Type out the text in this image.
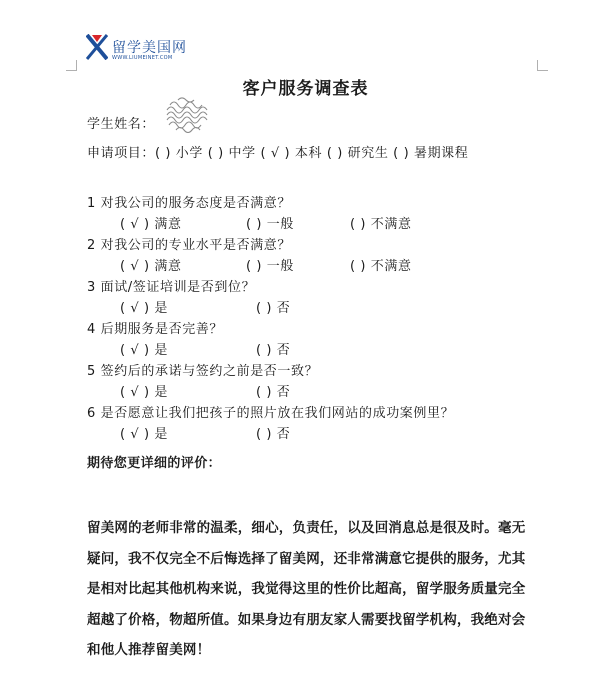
留学美国网
WWW.LIUMEINET.COM
客户服务调查表
学生姓名：
申请项目：( ) 小学 ( ) 中学 ( √ ) 本科 ( ) 研究生 ( ) 暑期课程
1 对我公司的服务态度是否满意？
( √ ) 满意	( ) 一般	( ) 不满意
2 对我公司的专业水平是否满意？
( √ ) 满意	( ) 一般	( ) 不满意
3 面试/签证培训是否到位？
( √ ) 是	( ) 否
4 后期服务是否完善？
( √ ) 是	( ) 否
5 签约后的承诺与签约之前是否一致？
( √ ) 是	( ) 否
6 是否愿意让我们把孩子的照片放在我们网站的成功案例里？
( √ ) 是	( ) 否
期待您更详细的评价：
留美网的老师非常的温柔，细心，负责任，以及回消息总是很及时。毫无疑问，我不仅完全不后悔选择了留美网，还非常满意它提供的服务，尤其是相对比起其他机构来说，我觉得这里的性价比超高，留学服务质量完全超越了价格，物超所值。如果身边有朋友家人需要找留学机构，我绝对会和他人推荐留美网！
